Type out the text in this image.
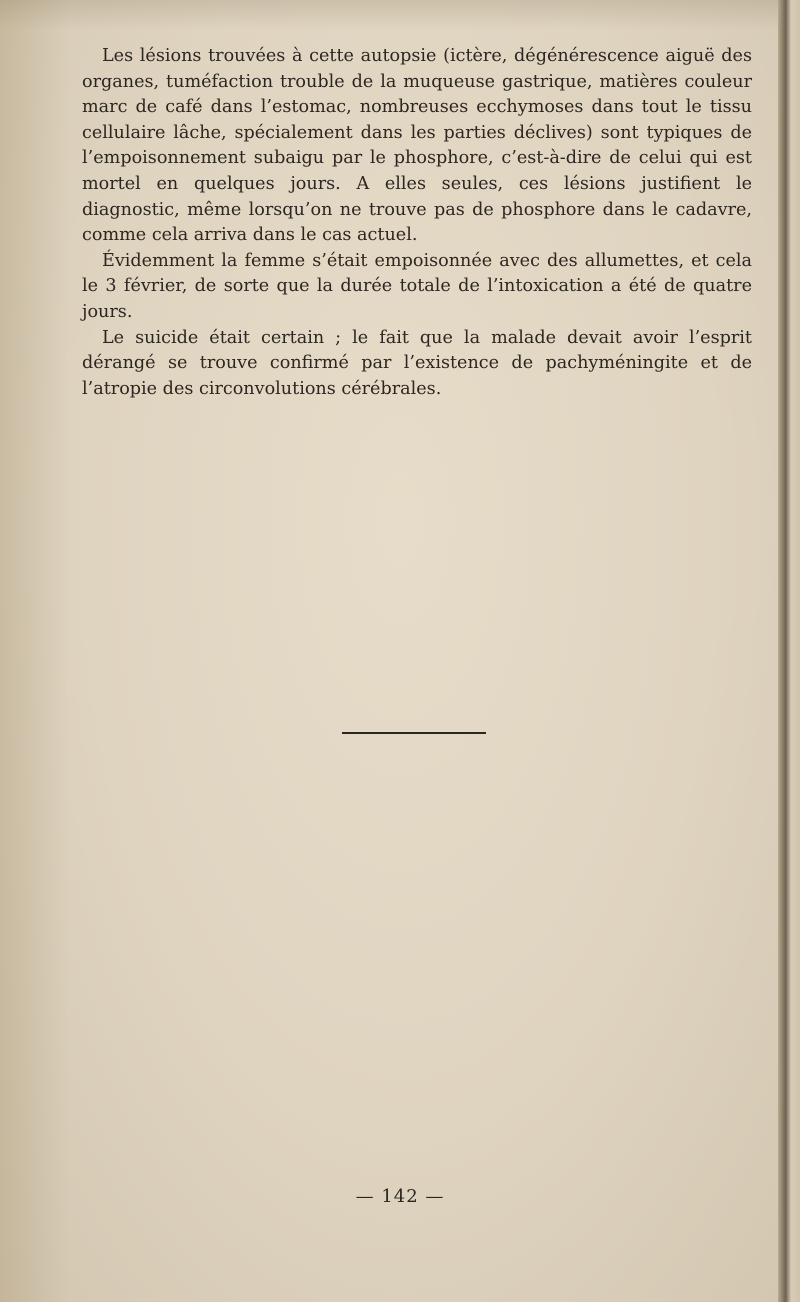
Les lésions trouvées à cette autopsie (ictère, dégénérescence aiguë des organes, tuméfaction trouble de la muqueuse gastrique, matières couleur marc de café dans l’estomac, nombreuses ecchymoses dans tout le tissu cellulaire lâche, spécialement dans les parties déclives) sont typiques de l’empoisonnement subaigu par le phosphore, c’est-à-dire de celui qui est mortel en quelques jours. A elles seules, ces lésions justifient le diagnostic, même lorsqu’on ne trouve pas de phosphore dans le cadavre, comme cela arriva dans le cas actuel.

Évidemment la femme s’était empoisonnée avec des allumettes, et cela le 3 février, de sorte que la durée totale de l’intoxication a été de quatre jours.

Le suicide était certain ; le fait que la malade devait avoir l’esprit dérangé se trouve confirmé par l’existence de pachyméningite et de l’atropie des circonvolutions cérébrales.

— 142 —
